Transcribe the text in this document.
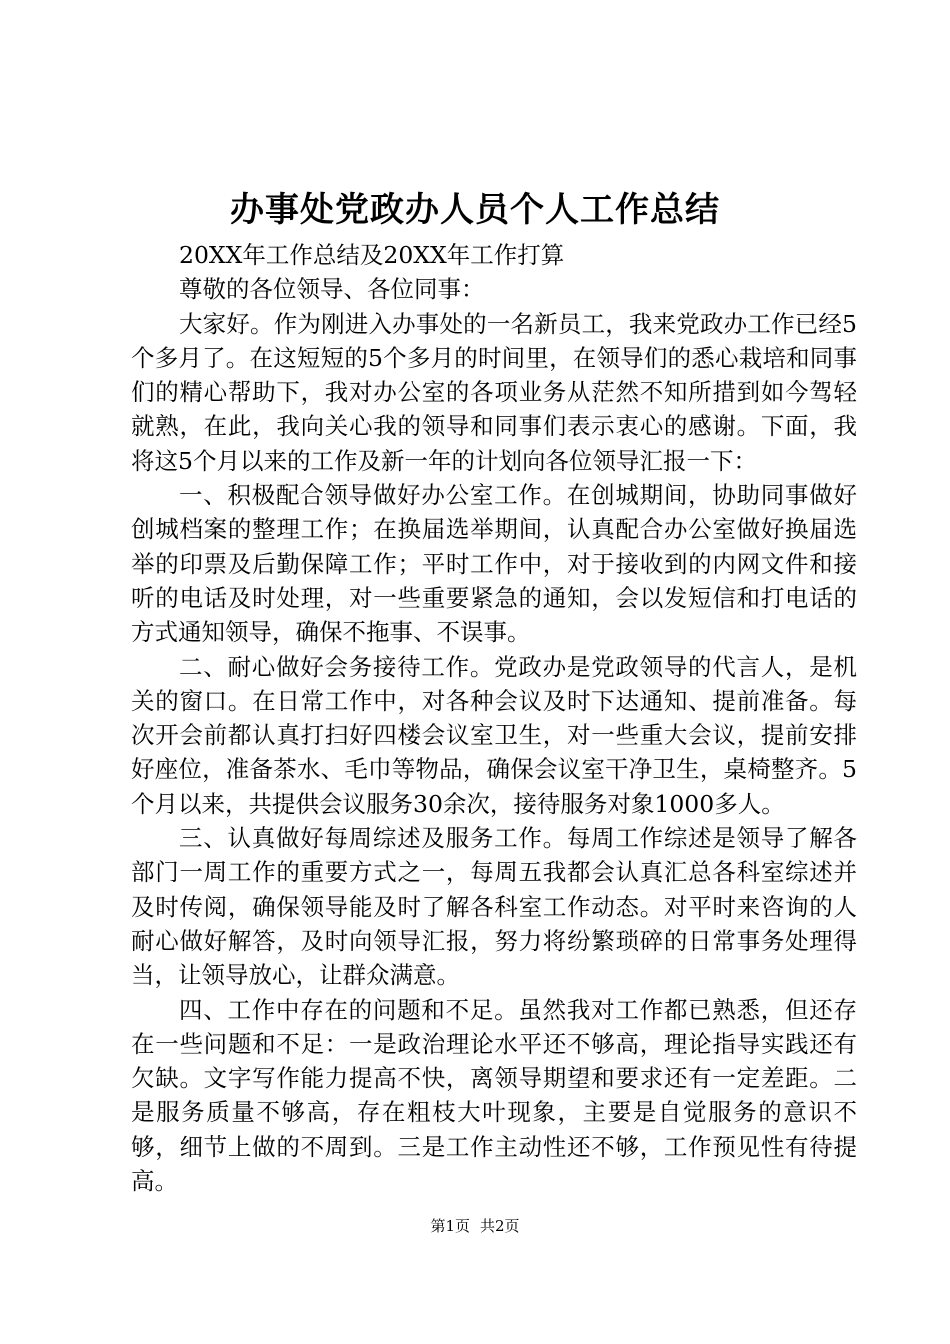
办事处党政办人员个人工作总结

20XX年工作总结及20XX年工作打算

尊敬的各位领导、各位同事：

大家好。作为刚进入办事处的一名新员工，我来党政办工作已经5个多月了。在这短短的5个多月的时间里，在领导们的悉心栽培和同事们的精心帮助下，我对办公室的各项业务从茫然不知所措到如今驾轻就熟，在此，我向关心我的领导和同事们表示衷心的感谢。下面，我将这5个月以来的工作及新一年的计划向各位领导汇报一下：

一、积极配合领导做好办公室工作。在创城期间，协助同事做好创城档案的整理工作；在换届选举期间，认真配合办公室做好换届选举的印票及后勤保障工作；平时工作中，对于接收到的内网文件和接听的电话及时处理，对一些重要紧急的通知，会以发短信和打电话的方式通知领导，确保不拖事、不误事。

二、耐心做好会务接待工作。党政办是党政领导的代言人，是机关的窗口。在日常工作中，对各种会议及时下达通知、提前准备。每次开会前都认真打扫好四楼会议室卫生，对一些重大会议，提前安排好座位，准备茶水、毛巾等物品，确保会议室干净卫生，桌椅整齐。5个月以来，共提供会议服务30余次，接待服务对象1000多人。

三、认真做好每周综述及服务工作。每周工作综述是领导了解各部门一周工作的重要方式之一，每周五我都会认真汇总各科室综述并及时传阅，确保领导能及时了解各科室工作动态。对平时来咨询的人耐心做好解答，及时向领导汇报，努力将纷繁琐碎的日常事务处理得当，让领导放心，让群众满意。

四、工作中存在的问题和不足。虽然我对工作都已熟悉，但还存在一些问题和不足：一是政治理论水平还不够高，理论指导实践还有欠缺。文字写作能力提高不快，离领导期望和要求还有一定差距。二是服务质量不够高，存在粗枝大叶现象，主要是自觉服务的意识不够，细节上做的不周到。三是工作主动性还不够，工作预见性有待提高。

第1页 共2页
